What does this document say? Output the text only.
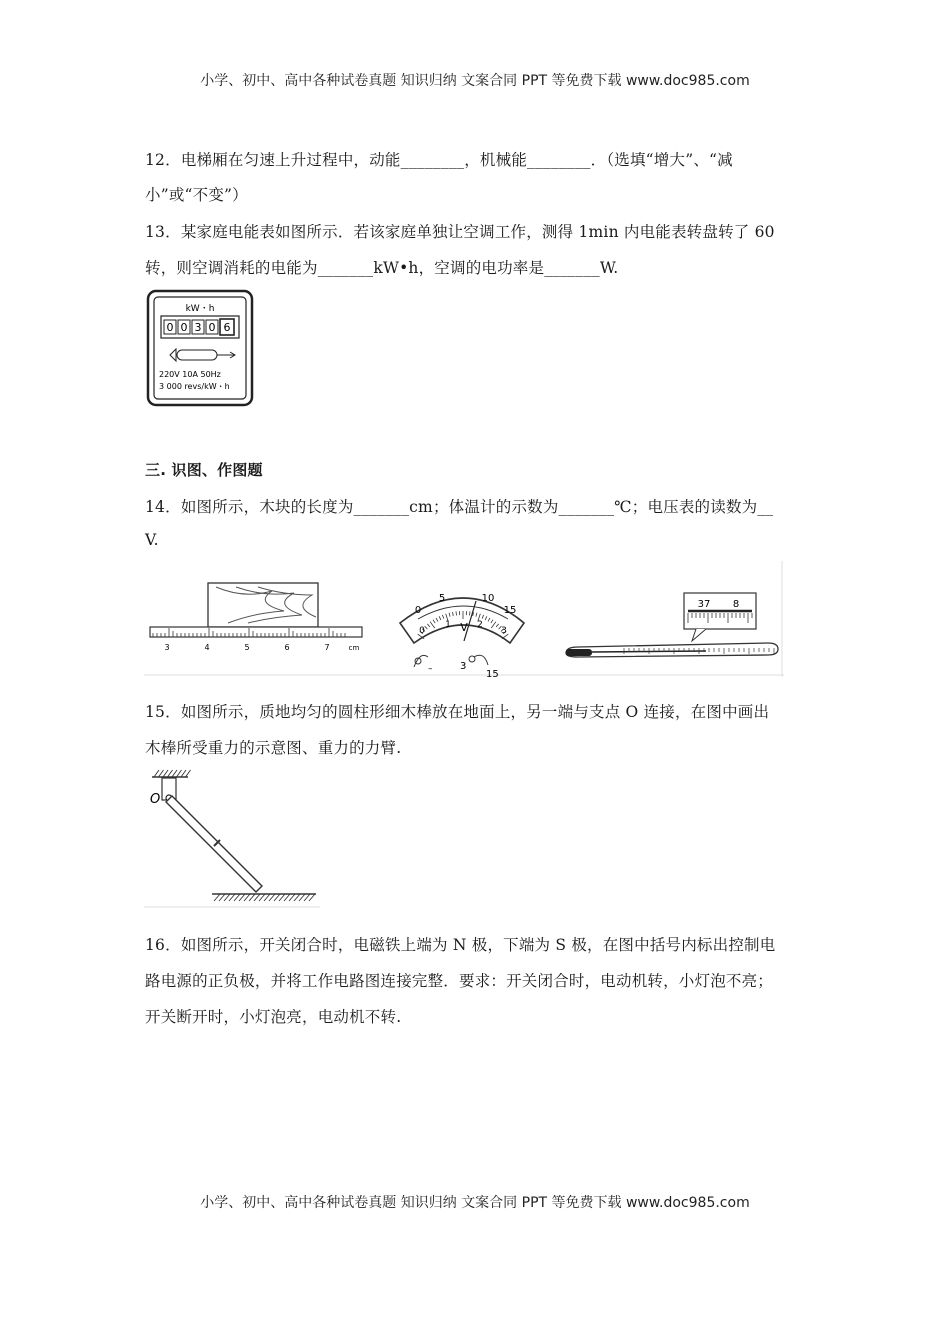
小学、初中、高中各种试卷真题 知识归纳 文案合同 PPT 等免费下载 www.doc985.com
12．电梯厢在匀速上升过程中，动能________，机械能________．（选填“增大”、“减
小”或“不变”）
13．某家庭电能表如图所示．若该家庭单独让空调工作，测得 1min 内电能表转盘转了 60
转，则空调消耗的电能为_______kW•h，空调的电功率是_______W.
kW・h
0 0 3 0 6
220V 10A 50Hz
3 000 revs/kW・h
三. 识图、作图题
14．如图所示，木块的长度为_______cm；体温计的示数为_______℃；电压表的读数为__
V.
3	4	5	6	7	cm
0
5	10
15
0
1	2
3
V
–	3
15
37 8
15．如图所示，质地均匀的圆柱形细木棒放在地面上，另一端与支点 O 连接，在图中画出
木棒所受重力的示意图、重力的力臂.
O
16．如图所示，开关闭合时，电磁铁上端为 N 极，下端为 S 极，在图中括号内标出控制电
路电源的正负极，并将工作电路图连接完整．要求：开关闭合时，电动机转，小灯泡不亮；
开关断开时，小灯泡亮，电动机不转.
小学、初中、高中各种试卷真题 知识归纳 文案合同 PPT 等免费下载 www.doc985.com
